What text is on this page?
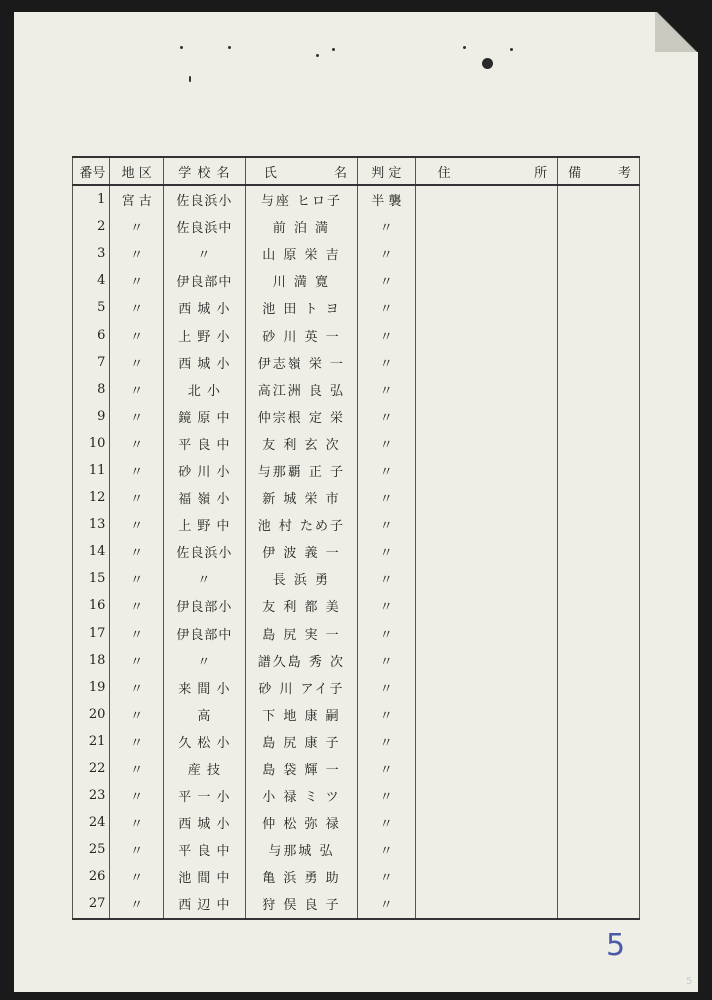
番号	地 区	学 校 名	氏 名	判 定	住 所	備 考

1	宮 古	佐良浜小	与座 ヒロ子	半 襲		
2	〃	佐良浜中	前 泊 満	〃		
3	〃	〃	山 原 栄 吉	〃		
4	〃	伊良部中	川 満 寛	〃		
5	〃	西 城 小	池 田 ト ヨ	〃		
6	〃	上 野 小	砂 川 英 一	〃		
7	〃	西 城 小	伊志嶺 栄 一	〃		
8	〃	北 小	高江洲 良 弘	〃		
9	〃	鏡 原 中	仲宗根 定 栄	〃		
10	〃	平 良 中	友 利 玄 次	〃		
11	〃	砂 川 小	与那覇 正 子	〃		
12	〃	福 嶺 小	新 城 栄 市	〃		
13	〃	上 野 中	池 村 ため子	〃		
14	〃	佐良浜小	伊 波 義 一	〃		
15	〃	〃	長 浜 勇	〃		
16	〃	伊良部小	友 利 都 美	〃		
17	〃	伊良部中	島 尻 実 一	〃		
18	〃	〃	譜久島 秀 次	〃		
19	〃	来 間 小	砂 川 アイ子	〃		
20	〃	高	下 地 康 嗣	〃		
21	〃	久 松 小	島 尻 康 子	〃		
22	〃	産 技	島 袋 輝 一	〃		
23	〃	平 一 小	小 禄 ミ ツ	〃		
24	〃	西 城 小	仲 松 弥 禄	〃		
25	〃	平 良 中	与那城 弘	〃		
26	〃	池 間 中	亀 浜 勇 助	〃		
27	〃	西 辺 中	狩 俣 良 子	〃		
5
5
